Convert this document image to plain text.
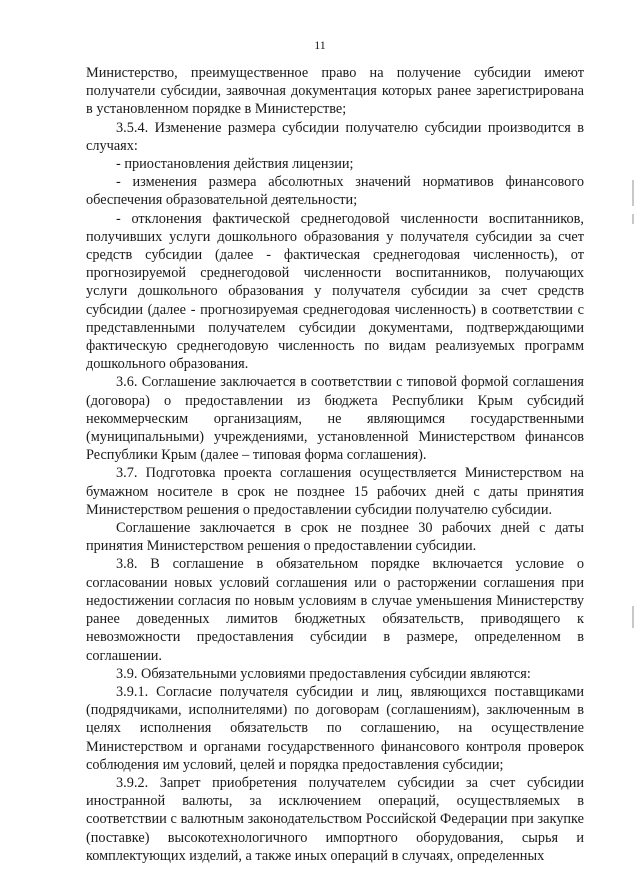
11

Министерство, преимущественное право на получение субсидии имеют получатели субсидии, заявочная документация которых ранее зарегистрирована в установленном порядке в Министерстве;

3.5.4. Изменение размера субсидии получателю субсидии производится в случаях:

- приостановления действия лицензии;

- изменения размера абсолютных значений нормативов финансового обеспечения образовательной деятельности;

- отклонения фактической среднегодовой численности воспитанников, получивших услуги дошкольного образования у получателя субсидии за счет средств субсидии (далее - фактическая среднегодовая численность), от прогнозируемой среднегодовой численности воспитанников, получающих услуги дошкольного образования у получателя субсидии за счет средств субсидии (далее - прогнозируемая среднегодовая численность) в соответствии с представленными получателем субсидии документами, подтверждающими фактическую среднегодовую численность по видам реализуемых программ дошкольного образования.

3.6. Соглашение заключается в соответствии с типовой формой соглашения (договора) о предоставлении из бюджета Республики Крым субсидий некоммерческим организациям, не являющимся государственными (муниципальными) учреждениями, установленной Министерством финансов Республики Крым (далее – типовая форма соглашения).

3.7. Подготовка проекта соглашения осуществляется Министерством на бумажном носителе в срок не позднее 15 рабочих дней с даты принятия Министерством решения о предоставлении субсидии получателю субсидии.

Соглашение заключается в срок не позднее 30 рабочих дней с даты принятия Министерством решения о предоставлении субсидии.

3.8. В соглашение в обязательном порядке включается условие о согласовании новых условий соглашения или о расторжении соглашения при недостижении согласия по новым условиям в случае уменьшения Министерству ранее доведенных лимитов бюджетных обязательств, приводящего к невозможности предоставления субсидии в размере, определенном в соглашении.

3.9. Обязательными условиями предоставления субсидии являются:

3.9.1. Согласие получателя субсидии и лиц, являющихся поставщиками (подрядчиками, исполнителями) по договорам (соглашениям), заключенным в целях исполнения обязательств по соглашению, на осуществление Министерством и органами государственного финансового контроля проверок соблюдения им условий, целей и порядка предоставления субсидии;

3.9.2. Запрет приобретения получателем субсидии за счет субсидии иностранной валюты, за исключением операций, осуществляемых в соответствии с валютным законодательством Российской Федерации при закупке (поставке) высокотехнологичного импортного оборудования, сырья и комплектующих изделий, а также иных операций в случаях, определенных
